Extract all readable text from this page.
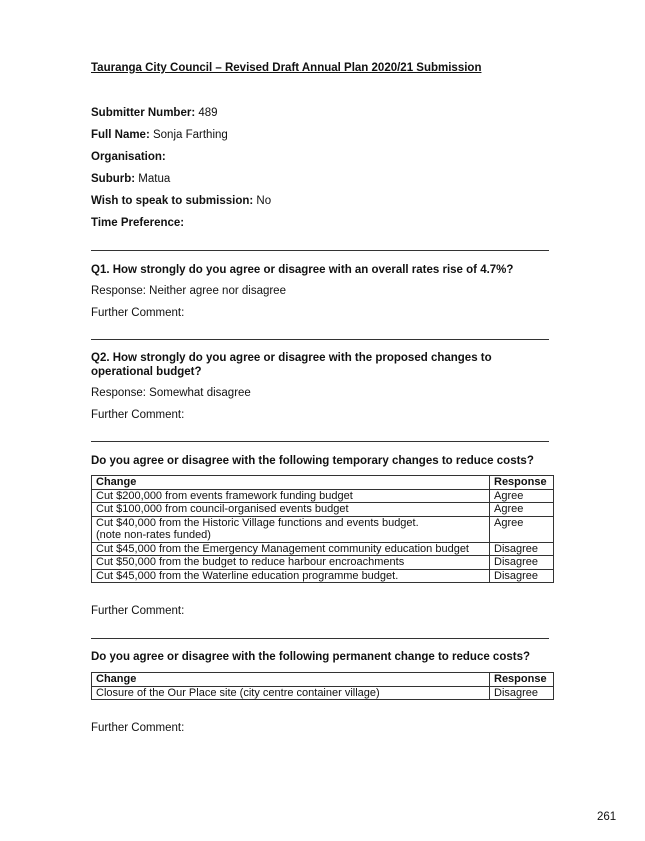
Tauranga City Council – Revised Draft Annual Plan 2020/21 Submission
Submitter Number: 489
Full Name: Sonja Farthing
Organisation:
Suburb: Matua
Wish to speak to submission: No
Time Preference:
Q1. How strongly do you agree or disagree with an overall rates rise of 4.7%?
Response: Neither agree nor disagree
Further Comment:
Q2. How strongly do you agree or disagree with the proposed changes to operational budget?
Response: Somewhat disagree
Further Comment:
Do you agree or disagree with the following temporary changes to reduce costs?
Change	Response
Cut $200,000 from events framework funding budget	Agree
Cut $100,000 from council-organised events budget	Agree
Cut $40,000 from the Historic Village functions and events budget.
(note non-rates funded)	Agree
Cut $45,000 from the Emergency Management community education budget	Disagree
Cut $50,000 from the budget to reduce harbour encroachments	Disagree
Cut $45,000 from the Waterline education programme budget.	Disagree
Further Comment:
Do you agree or disagree with the following permanent change to reduce costs?
Change	Response
Closure of the Our Place site (city centre container village)	Disagree
Further Comment:
261
